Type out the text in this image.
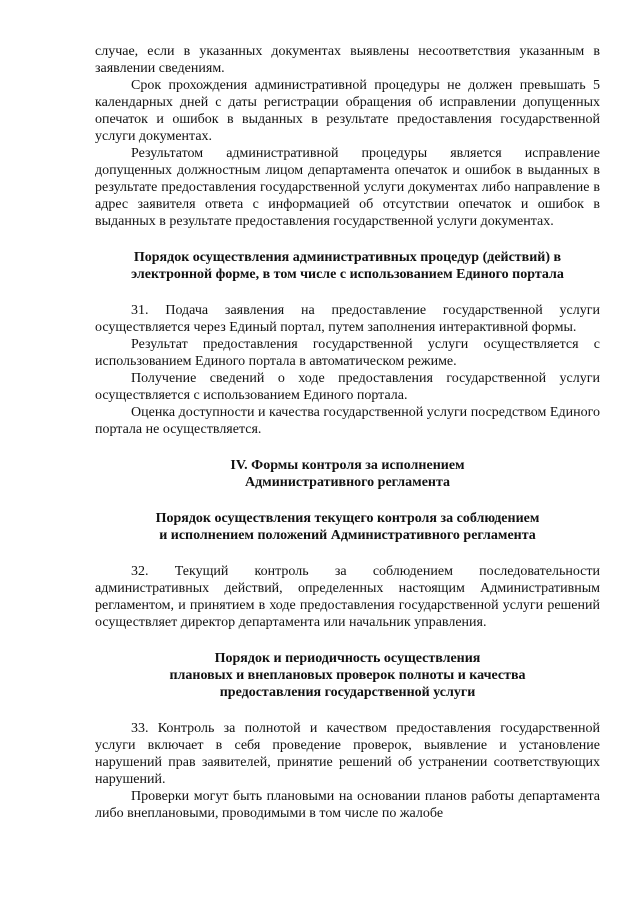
случае, если в указанных документах выявлены несоответствия указанным в заявлении сведениям.

Срок прохождения административной процедуры не должен превышать 5 календарных дней с даты регистрации обращения об исправлении допущенных опечаток и ошибок в выданных в результате предоставления государственной услуги документах.

Результатом административной процедуры является исправление допущенных должностным лицом департамента опечаток и ошибок в выданных в результате предоставления государственной услуги документах либо направление в адрес заявителя ответа с информацией об отсутствии опечаток и ошибок в выданных в результате предоставления государственной услуги документах.

Порядок осуществления административных процедур (действий) в
электронной форме, в том числе с использованием Единого портала

31. Подача заявления на предоставление государственной услуги осуществляется через Единый портал, путем заполнения интерактивной формы.

Результат предоставления государственной услуги осуществляется с использованием Единого портала в автоматическом режиме.

Получение сведений о ходе предоставления государственной услуги осуществляется с использованием Единого портала.

Оценка доступности и качества государственной услуги посредством Единого портала не осуществляется.

IV. Формы контроля за исполнением
Административного регламента
Порядок осуществления текущего контроля за соблюдением
и исполнением положений Административного регламента

32. Текущий контроль за соблюдением последовательности административных действий, определенных настоящим Административным регламентом, и принятием в ходе предоставления государственной услуги решений осуществляет директор департамента или начальник управления.

Порядок и периодичность осуществления
плановых и внеплановых проверок полноты и качества
предоставления государственной услуги

33. Контроль за полнотой и качеством предоставления государственной услуги включает в себя проведение проверок, выявление и установление нарушений прав заявителей, принятие решений об устранении соответствующих нарушений.

Проверки могут быть плановыми на основании планов работы департамента либо внеплановыми, проводимыми в том числе по жалобе
